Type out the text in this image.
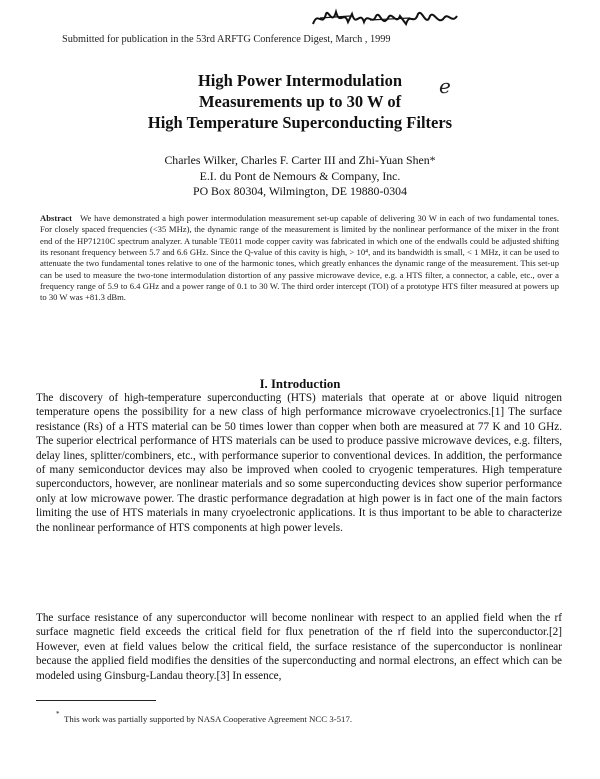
Submitted for publication in the 53rd ARFTG Conference Digest, March , 1999
High Power Intermodulation
Measurements up to 30 W of
High Temperature Superconducting Filters
e
Charles Wilker, Charles F. Carter III and Zhi-Yuan Shen*
E.I. du Pont de Nemours & Company, Inc.
PO Box 80304, Wilmington, DE 19880-0304
Abstract We have demonstrated a high power intermodulation measurement set-up capable of delivering 30 W in each of two fundamental tones. For closely spaced frequencies (<35 MHz), the dynamic range of the measurement is limited by the nonlinear performance of the mixer in the front end of the HP71210C spectrum analyzer. A tunable TE011 mode copper cavity was fabricated in which one of the endwalls could be adjusted shifting its resonant frequency between 5.7 and 6.6 GHz. Since the Q-value of this cavity is high, > 10⁴, and its bandwidth is small, < 1 MHz, it can be used to attenuate the two fundamental tones relative to one of the harmonic tones, which greatly enhances the dynamic range of the measurement. This set-up can be used to measure the two-tone intermodulation distortion of any passive microwave device, e.g. a HTS filter, a connector, a cable, etc., over a frequency range of 5.9 to 6.4 GHz and a power range of 0.1 to 30 W. The third order intercept (TOI) of a prototype HTS filter measured at powers up to 30 W was +81.3 dBm.
I. Introduction
The discovery of high-temperature superconducting (HTS) materials that operate at or above liquid nitrogen temperature opens the possibility for a new class of high performance microwave cryoelectronics.[1] The surface resistance (Rs) of a HTS material can be 50 times lower than copper when both are measured at 77 K and 10 GHz. The superior electrical performance of HTS materials can be used to produce passive microwave devices, e.g. filters, delay lines, splitter/combiners, etc., with performance superior to conventional devices. In addition, the performance of many semiconductor devices may also be improved when cooled to cryogenic temperatures. High temperature superconductors, however, are nonlinear materials and so some superconducting devices show superior performance only at low microwave power. The drastic performance degradation at high power is in fact one of the main factors limiting the use of HTS materials in many cryoelectronic applications. It is thus important to be able to characterize the nonlinear performance of HTS components at high power levels.
The surface resistance of any superconductor will become nonlinear with respect to an applied field when the rf surface magnetic field exceeds the critical field for flux penetration of the rf field into the superconductor.[2] However, even at field values below the critical field, the surface resistance of the superconductor is nonlinear because the applied field modifies the densities of the superconducting and normal electrons, an effect which can be modeled using Ginsburg-Landau theory.[3] In essence,
* This work was partially supported by NASA Cooperative Agreement NCC 3-517.
